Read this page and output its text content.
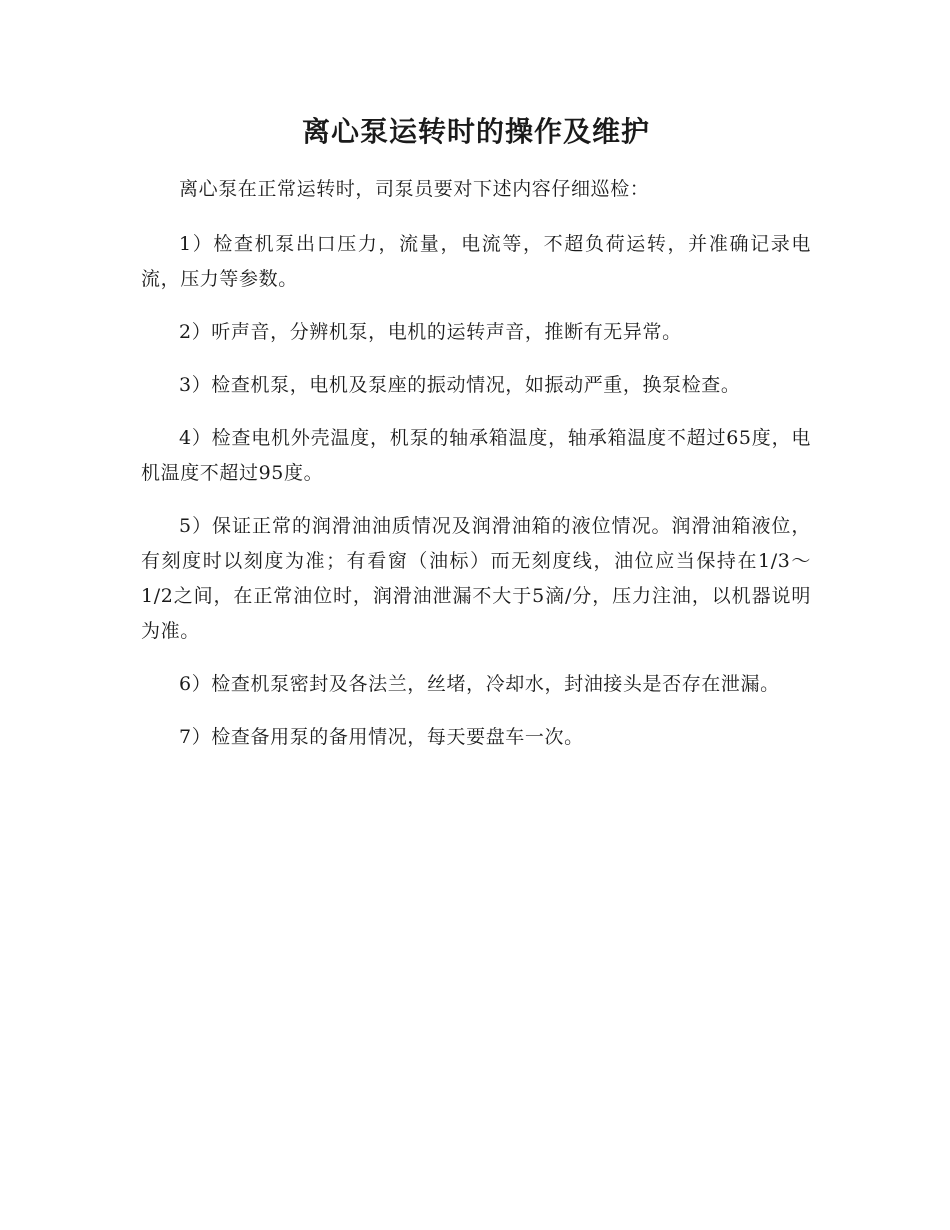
离心泵运转时的操作及维护

离心泵在正常运转时，司泵员要对下述内容仔细巡检：

1）检查机泵出口压力，流量，电流等，不超负荷运转，并准确记录电流，压力等参数。

2）听声音，分辨机泵，电机的运转声音，推断有无异常。

3）检查机泵，电机及泵座的振动情况，如振动严重，换泵检查。

4）检查电机外壳温度，机泵的轴承箱温度，轴承箱温度不超过65度，电机温度不超过95度。

5）保证正常的润滑油油质情况及润滑油箱的液位情况。润滑油箱液位，有刻度时以刻度为准；有看窗（油标）而无刻度线，油位应当保持在1/3～1/2之间，在正常油位时，润滑油泄漏不大于5滴/分，压力注油，以机器说明为准。

6）检查机泵密封及各法兰，丝堵，冷却水，封油接头是否存在泄漏。

7）检查备用泵的备用情况，每天要盘车一次。
